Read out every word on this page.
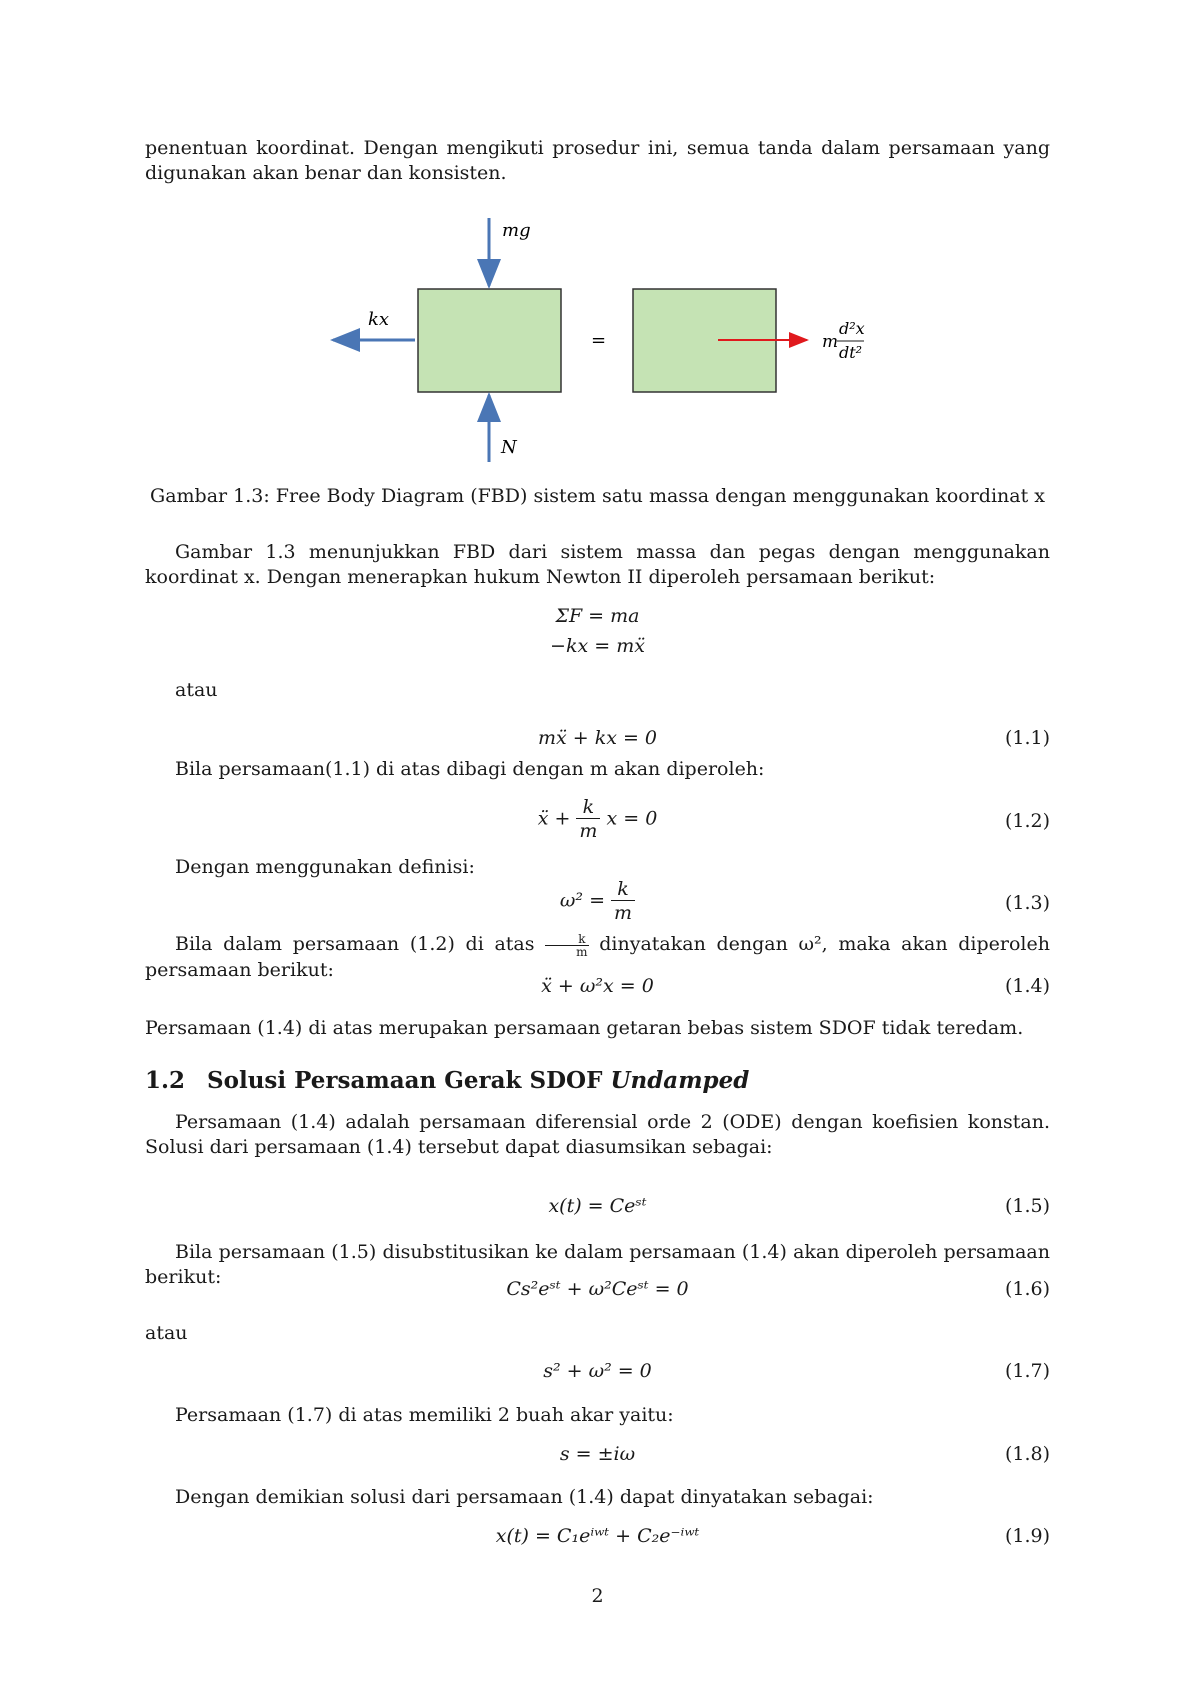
penentuan koordinat. Dengan mengikuti prosedur ini, semua tanda dalam persamaan yang digunakan akan benar dan konsisten.
mg
kx
N
=	m
d²x
dt²
Gambar 1.3: Free Body Diagram (FBD) sistem satu massa dengan menggunakan koordinat x
Gambar 1.3 menunjukkan FBD dari sistem massa dan pegas dengan menggunakan koordinat x. Dengan menerapkan hukum Newton II diperoleh persamaan berikut:
ΣF = ma
−kx = mẍ
atau
mẍ + kx = 0	(1.1)
Bila persamaan(1.1) di atas dibagi dengan m akan diperoleh:
ẍ + $\frac{k}{m}$ x = 0	(1.2)
Dengan menggunakan definisi:
$\omega^2 = \frac{k}{m}$	(1.3)
Bila dalam persamaan (1.2) di atas $\frac{k}{m}$ dinyatakan dengan ω², maka akan diperoleh persamaan berikut:
ẍ + ω²x = 0	(1.4)
Persamaan (1.4) di atas merupakan persamaan getaran bebas sistem SDOF tidak teredam.
1.2 Solusi Persamaan Gerak SDOF Undamped
Persamaan (1.4) adalah persamaan diferensial orde 2 (ODE) dengan koefisien konstan. Solusi dari persamaan (1.4) tersebut dapat diasumsikan sebagai:
x(t) = Ceˢᵗ	(1.5)
Bila persamaan (1.5) disubstitusikan ke dalam persamaan (1.4) akan diperoleh persamaan berikut:
Cs²eˢᵗ + ω²Ceˢᵗ = 0	(1.6)
atau
s² + ω² = 0	(1.7)
Persamaan (1.7) di atas memiliki 2 buah akar yaitu:
s = ±iω	(1.8)
Dengan demikian solusi dari persamaan (1.4) dapat dinyatakan sebagai:
x(t) = C₁eⁱʷᵗ + C₂e⁻ⁱʷᵗ	(1.9)
2
